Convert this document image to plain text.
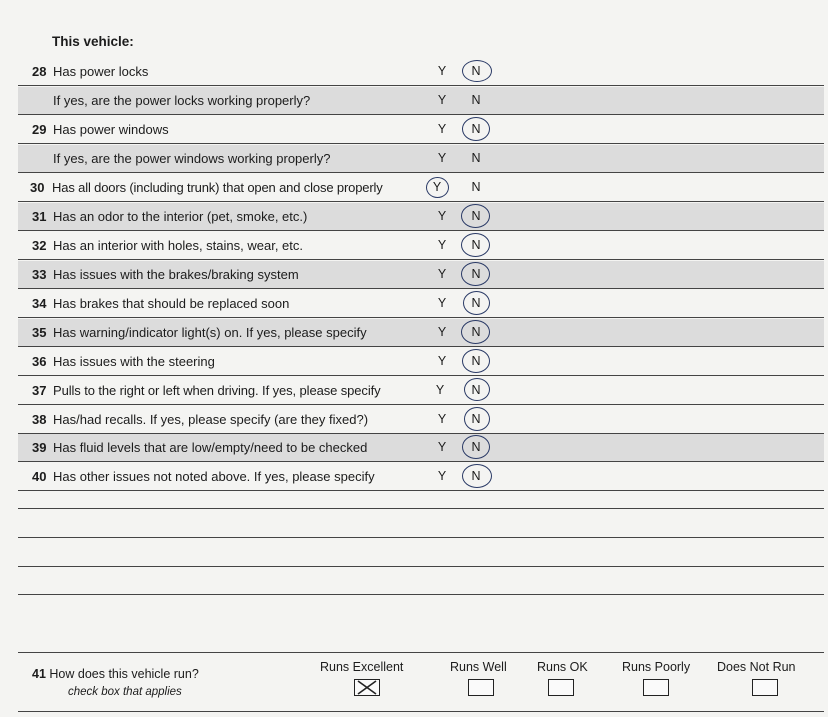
This vehicle:
28 Has power locks	Y N
If yes, are the power locks working properly?	Y N
29 Has power windows	Y N
If yes, are the power windows working properly?	Y N
30 Has all doors (including trunk) that open and close properly	Y N
31 Has an odor to the interior (pet, smoke, etc.)	Y N
32 Has an interior with holes, stains, wear, etc.	Y N
33 Has issues with the brakes/braking system	Y N
34 Has brakes that should be replaced soon	Y N
35 Has warning/indicator light(s) on. If yes, please specify	Y N
36 Has issues with the steering	Y N
37 Pulls to the right or left when driving. If yes, please specify	Y N
38 Has/had recalls. If yes, please specify (are they fixed?)	Y N
39 Has fluid levels that are low/empty/need to be checked	Y N
40 Has other issues not noted above. If yes, please specify	Y N
41 How does this vehicle run?
check box that applies
Runs Excellent	Runs Well Runs OK	Runs Poorly Does Not Run
